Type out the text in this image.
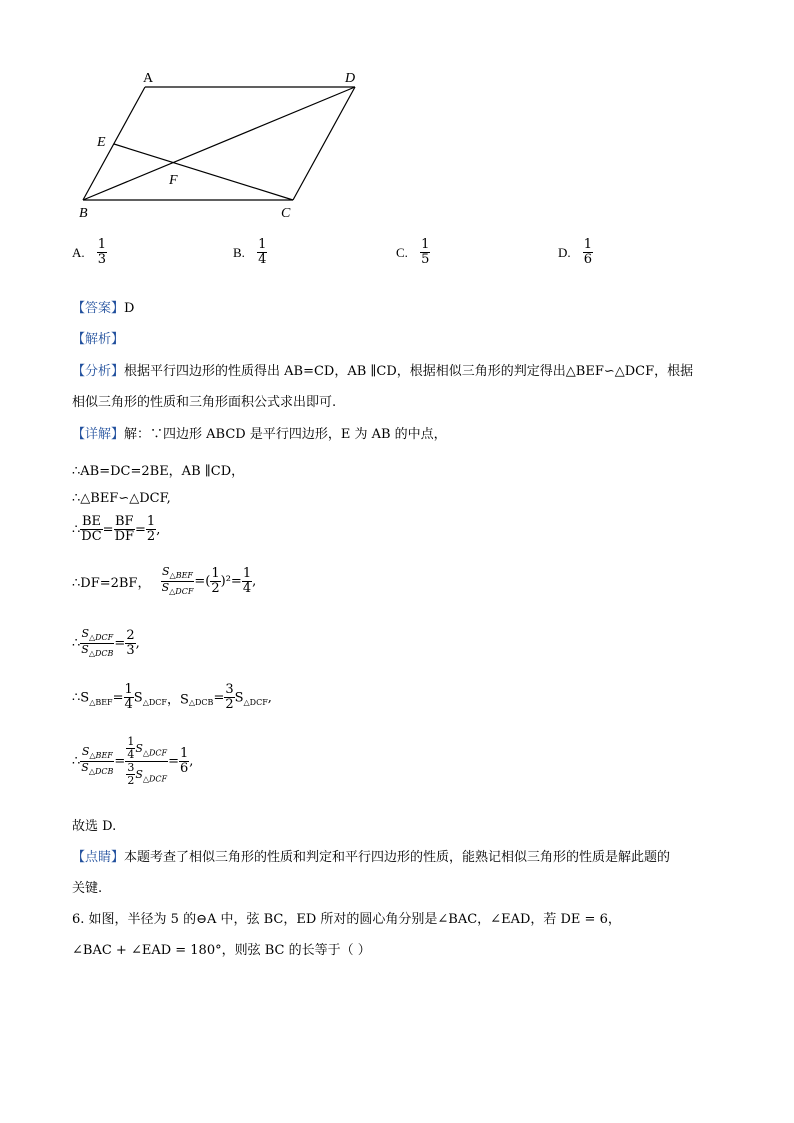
A	D
E
F
B	C
A. $\frac{1}{3}$	B. $\frac{1}{4}$	C. $\frac{1}{5}$	D. $\frac{1}{6}$
【答案】D
【解析】
【分析】根据平行四边形的性质得出 AB=CD，AB ∥CD，根据相似三角形的判定得出△BEF∽△DCF，根据
相似三角形的性质和三角形面积公式求出即可.
【详解】解：∵四边形 ABCD 是平行四边形，E 为 AB 的中点，
∴AB=DC=2BE，AB ∥CD，
∴△BEF∽△DCF,
∴ $\frac{BE}{DC} = \frac{BF}{DF} = \frac{1}{2}$ ,
∴DF=2BF， $\frac{S_{\triangle BEF}}{S_{\triangle DCF}}$ =( $\frac{1}{2} )^2= \frac{1}{4}$ ,
∴ $\frac{S_{\triangle DCF}}{S_{\triangle DCB}} = \frac{2}{3}$ ,
$\therefore S_{\triangle BEF}= \frac{1}{4} S_{\triangle DCF}$，$S_{\triangle DCB}= \frac{3}{2} S_{\triangle DCF}$,
∴ $\frac{S_{\triangle BEF}}{S_{\triangle DCB}} = \frac{\frac{1}{4} S_{\triangle DCF}}{\frac{3}{2} S_{\triangle DCF}} = \frac{1}{6}$ ,
故选 D.
【点睛】本题考查了相似三角形的性质和判定和平行四边形的性质，能熟记相似三角形的性质是解此题的
关键.
6. 如图，半径为 5 的⊖A 中，弦 BC，ED 所对的圆心角分别是∠BAC，∠EAD，若 DE = 6，
∠BAC + ∠EAD = 180°，则弦 BC 的长等于（ ）
